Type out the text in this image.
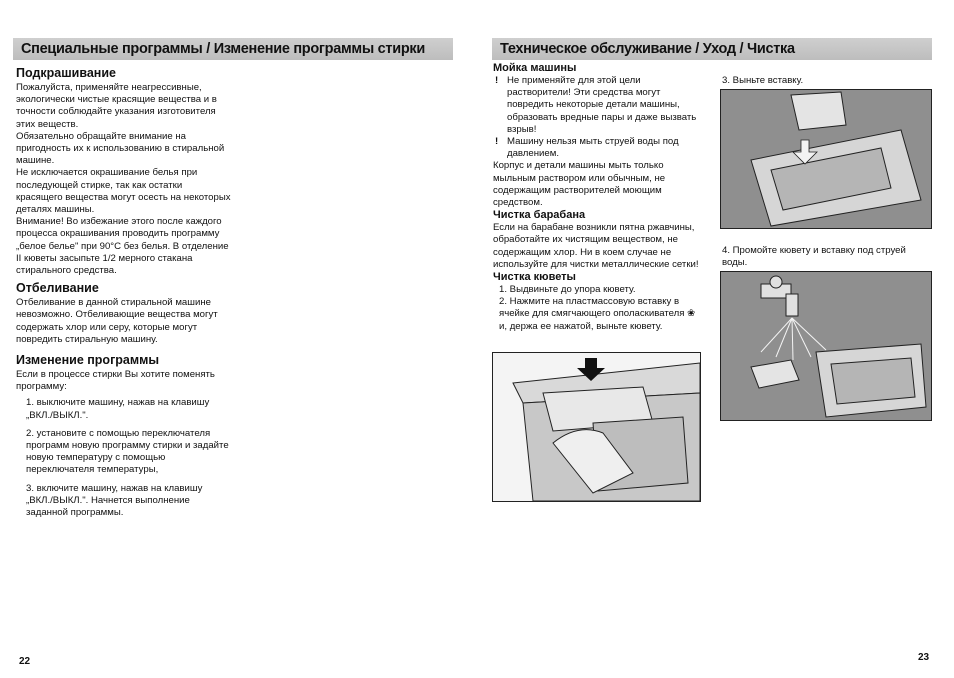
Специальные программы / Изменение программы стирки
Подкрашивание

Пожалуйста, применяйте неагрессивные, экологически чистые красящие вещества и в точности соблюдайте указания изготовителя этих веществ.

Обязательно обращайте внимание на пригодность их к использованию в стиральной машине.

Не исключается окрашивание белья при последующей стирке, так как остатки красящего вещества могут осесть на некоторых деталях машины.

Внимание! Во избежание этого после каждого процесса окрашивания проводить программу „белое белье" при 90°С без белья. В отделение II кюветы засыпьте 1/2 мерного стакана стирального средства.

Отбеливание

Отбеливание в данной стиральной машине невозможно. Отбеливающие вещества могут содержать хлор или серу, которые могут повредить стиральную машину.

Изменение программы

Если в процессе стирки Вы хотите поменять программу:

1. выключите машину, нажав на клавишу „ВКЛ./ВЫКЛ.".
2. установите с помощью переключателя программ новую программу стирки и задайте новую температуру с помощью переключателя температуры,
3. включите машину, нажав на клавишу „ВКЛ./ВЫКЛ.". Начнется выполнение заданной программы.
22
Техническое обслуживание / Уход / Чистка
Мойка машины
! Не применяйте для этой цели растворители! Эти средства могут повредить некоторые детали машины, образовать вредные пары и даже вызвать взрыв!
! Машину нельзя мыть струей воды под давлением.

Корпус и детали машины мыть только мыльным раствором или обычным, не содержащим растворителей моющим средством.

Чистка барабана

Если на барабане возникли пятна ржавчины, обработайте их чистящим веществом, не содержащим хлор. Ни в коем случае не используйте для чистки металлические сетки!

Чистка кюветы

1. Выдвиньте до упора кювету.

2. Нажмите на пластмассовую вставку в ячейке для смягчающего ополаскивателя ❀ и, держа ее нажатой, выньте кювету.

3. Выньте вставку.
4. Промойте кювету и вставку под струей воды.
23
